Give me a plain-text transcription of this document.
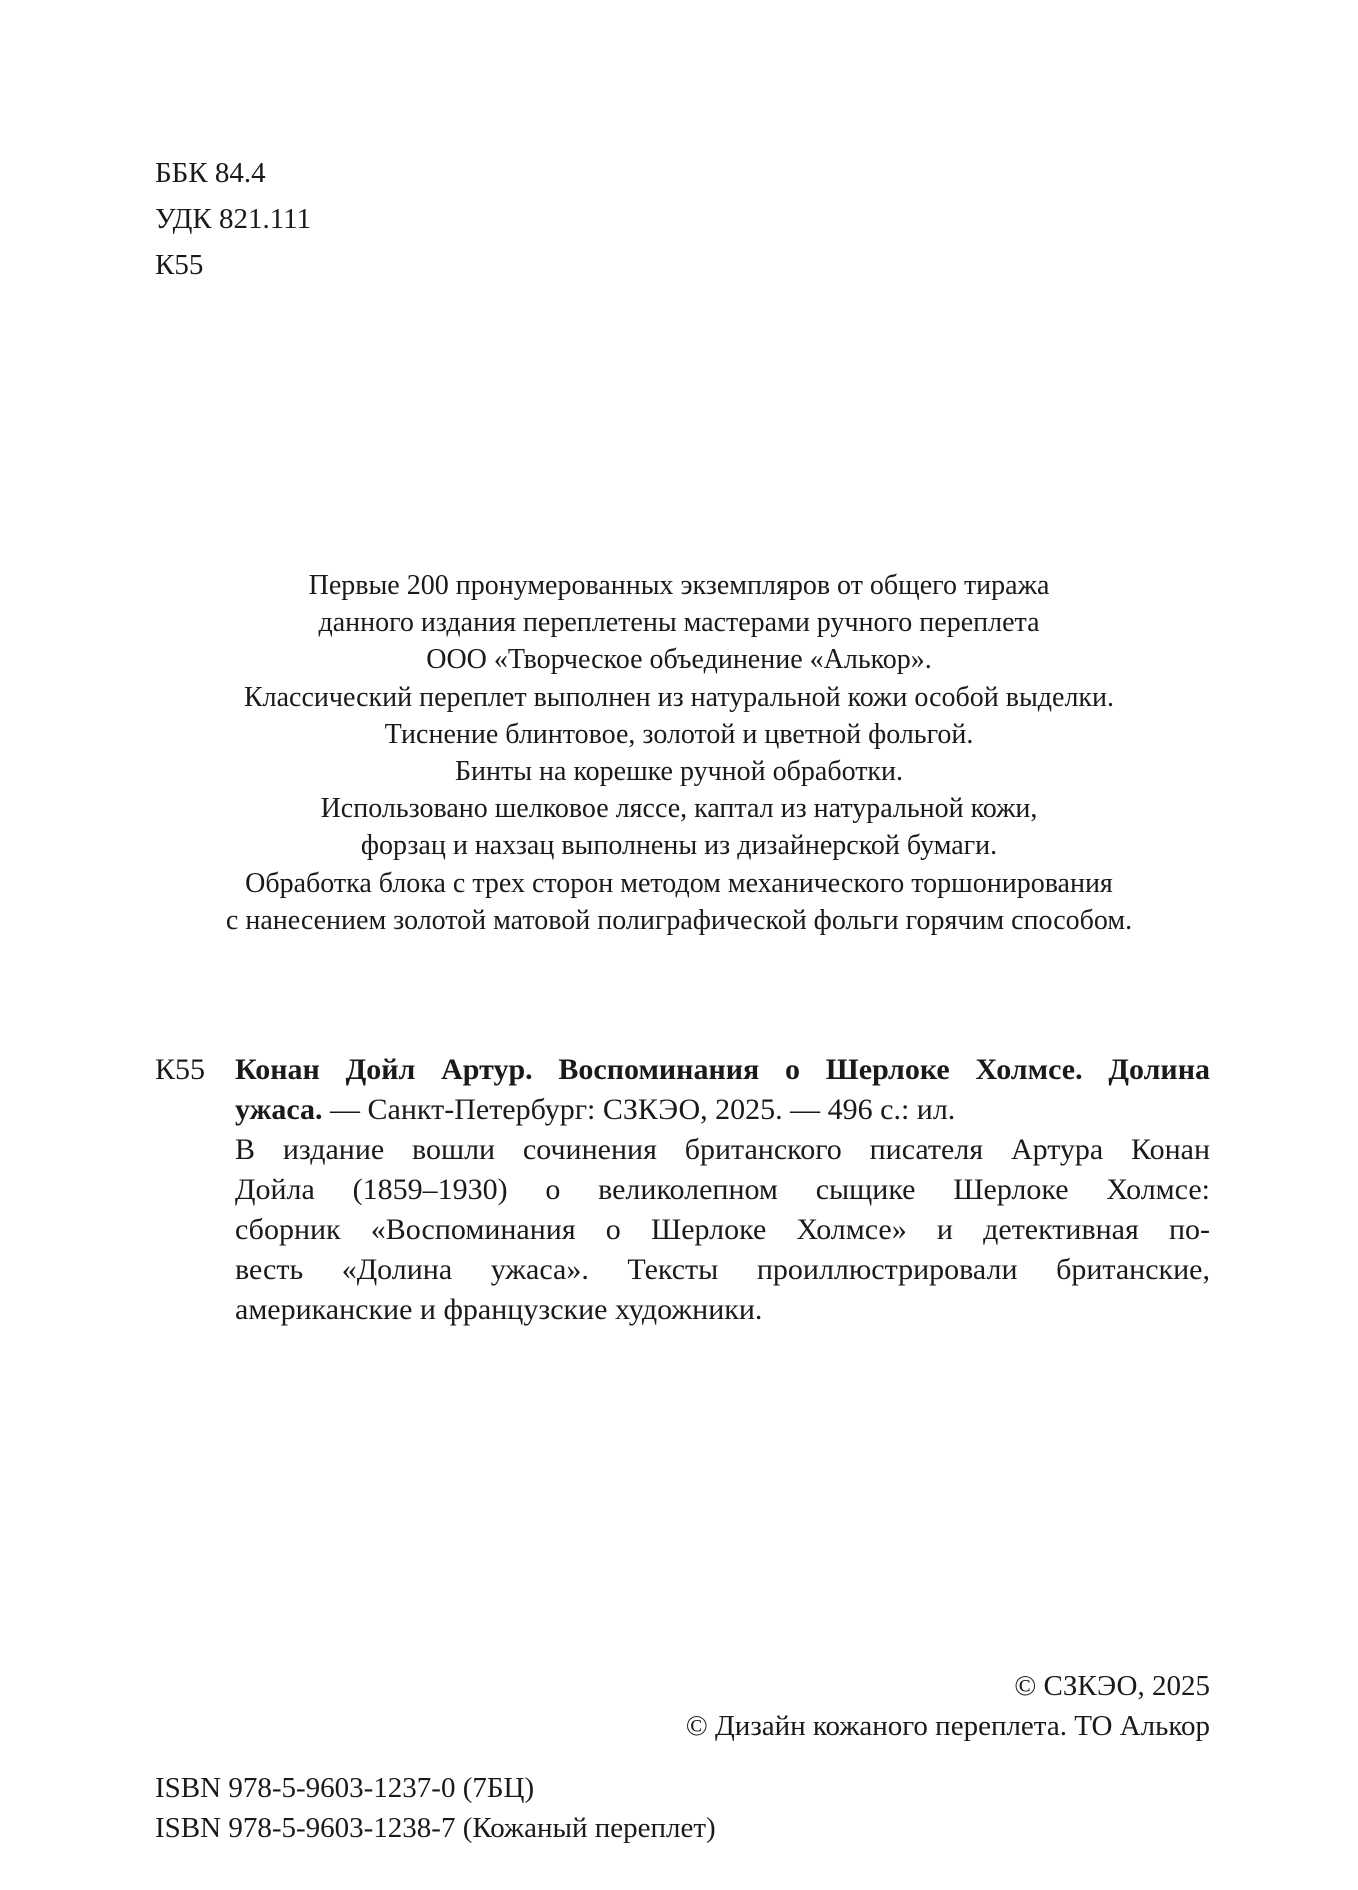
ББК 84.4
УДК 821.111
К55
Первые 200 пронумерованных экземпляров от общего тиража
данного издания переплетены мастерами ручного переплета
ООО «Творческое объединение «Алькор».
Классический переплет выполнен из натуральной кожи особой выделки.
Тиснение блинтовое, золотой и цветной фольгой.
Бинты на корешке ручной обработки.
Использовано шелковое ляссе, каптал из натуральной кожи,
форзац и нахзац выполнены из дизайнерской бумаги.
Обработка блока с трех сторон методом механического торшонирования
с нанесением золотой матовой полиграфической фольги горячим способом.
К55 Конан Дойл Артур. Воспоминания о Шерлоке Холмсе. Долина
ужаса. — Санкт-Петербург: СЗКЭО, 2025. — 496 с.: ил.
В издание вошли сочинения британского писателя Артура Конан
Дойла (1859–1930) о великолепном сыщике Шерлоке Холмсе:
сборник «Воспоминания о Шерлоке Холмсе» и детективная по-
весть «Долина ужаса». Тексты проиллюстрировали британские,
американские и французские художники.
© СЗКЭО, 2025
© Дизайн кожаного переплета. ТО Алькор
ISBN 978-5-9603-1237-0 (7БЦ)
ISBN 978-5-9603-1238-7 (Кожаный переплет)
